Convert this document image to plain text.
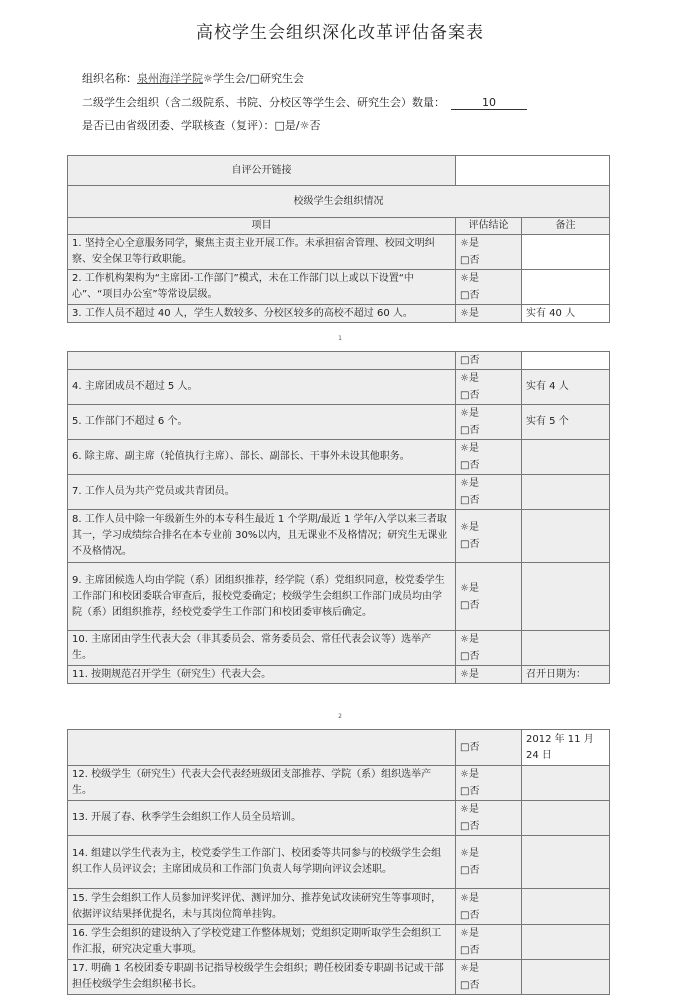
高校学生会组织深化改革评估备案表
组织名称：泉州海洋学院☼学生会/□研究生会
二级学生会组织（含二级院系、书院、分校区等学生会、研究生会）数量：	10
是否已由省级团委、学联核查（复评）：□是/☼否
自评公开链接		
校级学生会组织情况		
项目	评估结论	备注
1. 坚持全心全意服务同学，聚焦主责主业开展工作。未承担宿舍管理、校园文明纠察、安全保卫等行政职能。	☼是
□否	

2. 工作机构架构为“主席团-工作部门”模式，未在工作部门以上或以下设置“中心”、“项目办公室”等常设层级。	☼是
□否	

3. 工作人员不超过 40 人，学生人数较多、分校区较多的高校不超过 60 人。	☼是	实有 40 人
1

	□否	

4. 主席团成员不超过 5 人。	☼是
□否	实有 4 人
5. 工作部门不超过 6 个。	☼是
□否	实有 5 个
6. 除主席、副主席（轮值执行主席）、部长、副部长、干事外未设其他职务。	☼是
□否	

7. 工作人员为共产党员或共青团员。	☼是
□否	

8. 工作人员中除一年级新生外的本专科生最近 1 个学期/最近 1 学年/入学以来三者取其一，学习成绩综合排名在本专业前 30%以内，且无课业不及格情况；研究生无课业不及格情况。	☼是
□否	

9. 主席团候选人均由学院（系）团组织推荐，经学院（系）党组织同意，校党委学生工作部门和校团委联合审查后，报校党委确定；校级学生会组织工作部门成员均由学院（系）团组织推荐，经校党委学生工作部门和校团委审核后确定。	☼是
□否	

10. 主席团由学生代表大会（非其委员会、常务委员会、常任代表会议等）选举产生。	☼是
□否	

11. 按期规范召开学生（研究生）代表大会。	☼是	召开日期为：
2

	□否	2012 年 11 月 24 日
12. 校级学生（研究生）代表大会代表经班级团支部推荐、学院（系）组织选举产生。	☼是
□否	

13. 开展了春、秋季学生会组织工作人员全员培训。	☼是
□否	

14. 组建以学生代表为主，校党委学生工作部门、校团委等共同参与的校级学生会组织工作人员评议会；主席团成员和工作部门负责人每学期向评议会述职。	☼是
□否	

15. 学生会组织工作人员参加评奖评优、测评加分、推荐免试攻读研究生等事项时，依据评议结果择优提名，未与其岗位简单挂钩。	☼是
□否	

16. 学生会组织的建设纳入了学校党建工作整体规划；党组织定期听取学生会组织工作汇报，研究决定重大事项。	☼是
□否	

17. 明确 1 名校团委专职副书记指导校级学生会组织；聘任校团委专职副书记或干部担任校级学生会组织秘书长。	☼是
□否	
